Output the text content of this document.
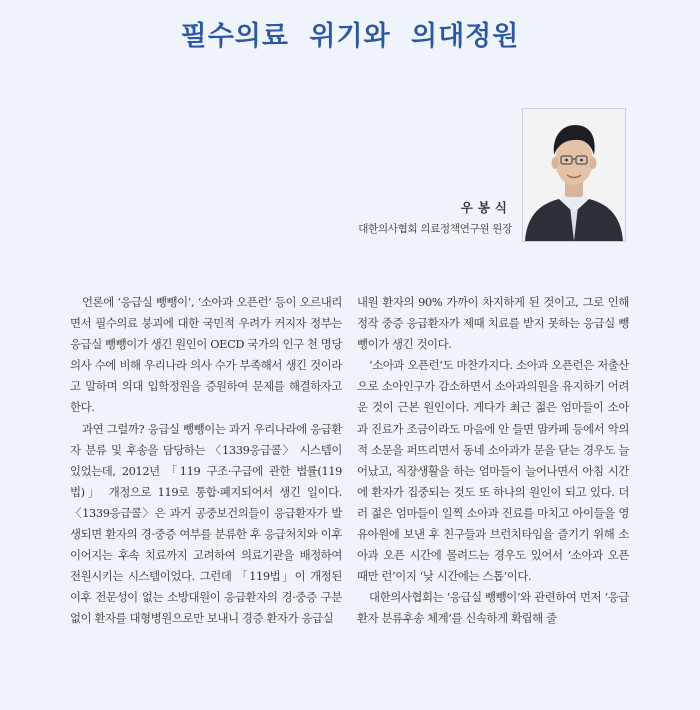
필수의료 위기와 의대정원
우봉식
대한의사협회 의료정책연구원 원장

언론에 ‘응급실 뺑뺑이’, ‘소아과 오픈런’ 등이 오르내리면서 필수의료 붕괴에 대한 국민적 우려가 커지자 정부는 응급실 뺑뺑이가 생긴 원인이 OECD 국가의 인구 천 명당 의사 수에 비해 우리나라 의사 수가 부족해서 생긴 것이라고 말하며 의대 입학정원을 증원하여 문제를 해결하자고 한다.

과연 그럴까? 응급실 뺑뺑이는 과거 우리나라에 응급환자 분류 및 후송을 담당하는 〈1339응급콜〉 시스템이 있었는데, 2012년 「119 구조·구급에 관한 법률(119법)」 개정으로 119로 통합·폐지되어서 생긴 일이다. 〈1339응급콜〉은 과거 공중보건의들이 응급환자가 발생되면 환자의 경·중증 여부를 분류한 후 응급처치와 이후 이어지는 후속 치료까지 고려하여 의료기관을 배정하여 전원시키는 시스템이었다. 그런데 「119법」이 개정된 이후 전문성이 없는 소방대원이 응급환자의 경·중증 구분 없이 환자를 대형병원으로만 보내니 경증 환자가 응급실

내원 환자의 90% 가까이 차지하게 된 것이고, 그로 인해 정작 중증 응급환자가 제때 치료를 받지 못하는 응급실 뺑뺑이가 생긴 것이다.

‘소아과 오픈런’도 마찬가지다. 소아과 오픈런은 저출산으로 소아인구가 감소하면서 소아과의원을 유지하기 어려운 것이 근본 원인이다. 게다가 최근 젊은 엄마들이 소아과 진료가 조금이라도 마음에 안 들면 맘카페 등에서 악의적 소문을 퍼뜨리면서 동네 소아과가 문을 닫는 경우도 늘어났고, 직장생활을 하는 엄마들이 늘어나면서 아침 시간에 환자가 집중되는 것도 또 하나의 원인이 되고 있다. 더러 젊은 엄마들이 일찍 소아과 진료를 마치고 아이들을 영유아원에 보낸 후 친구들과 브런치타임을 즐기기 위해 소아과 오픈 시간에 몰려드는 경우도 있어서 ‘소아과 오픈 때만 런’이지 ‘낮 시간에는 스톱’이다.

대한의사협회는 ‘응급실 뺑뺑이’와 관련하여 먼저 ‘응급환자 분류후송 체계’를 신속하게 확립해 줄
